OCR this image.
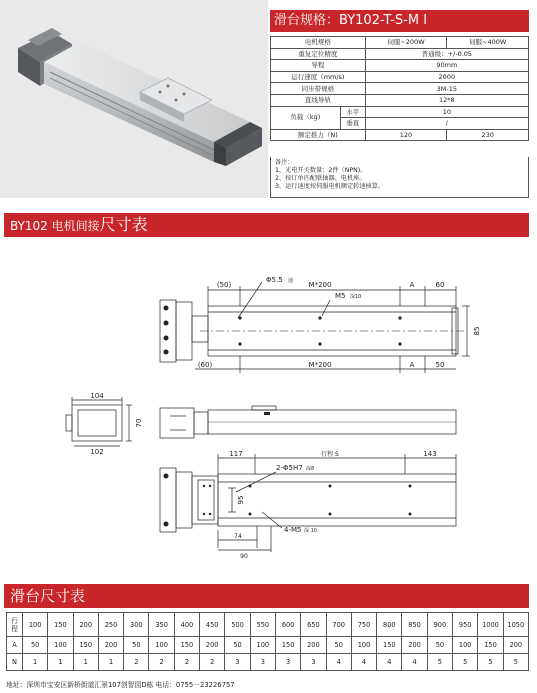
滑台规格：BY102-T-S-M I
电机规格		伺服~200W	伺服~400W
重复定位精度		普通级：+/-0.05	
导程		90mm	
运行速度（mm/s)		2000	
同步带规格		3M-15	
直线导轨		12*8	
负载（kg)	水平	10	
	垂直	/	
额定推力（N)		120	230
备注：
1、光电开关数量：2件（NPN)。
2、按订单匹配联轴器、电机座。
3、运行速度按伺服电机额定转速核算。
BY102 电机间接尺寸表
(50)
Φ5.5 通 M*200	A	60
M5 深10
85
(60)	M*200	A	50
104
70
102	117	行程 S	143
2-Φ5H7 深8
95
4-M5 深 10
74
90
滑台尺寸表
行程	100	150	200	250	300	350	400	450	500	550	600	650	700	750	800	850	900	950	1000	1050
A	50	100	150	200	50	100	150	200	50	100	150	200	50	100	150	200	50	100	150	200
N	1	1	1	1	2	2	2	2	3	3	3	3	4	4	4	4	5	5	5	5
地址：深圳市宝安区新桥街道汇景107创智园D栋 电话：0755－23226757
